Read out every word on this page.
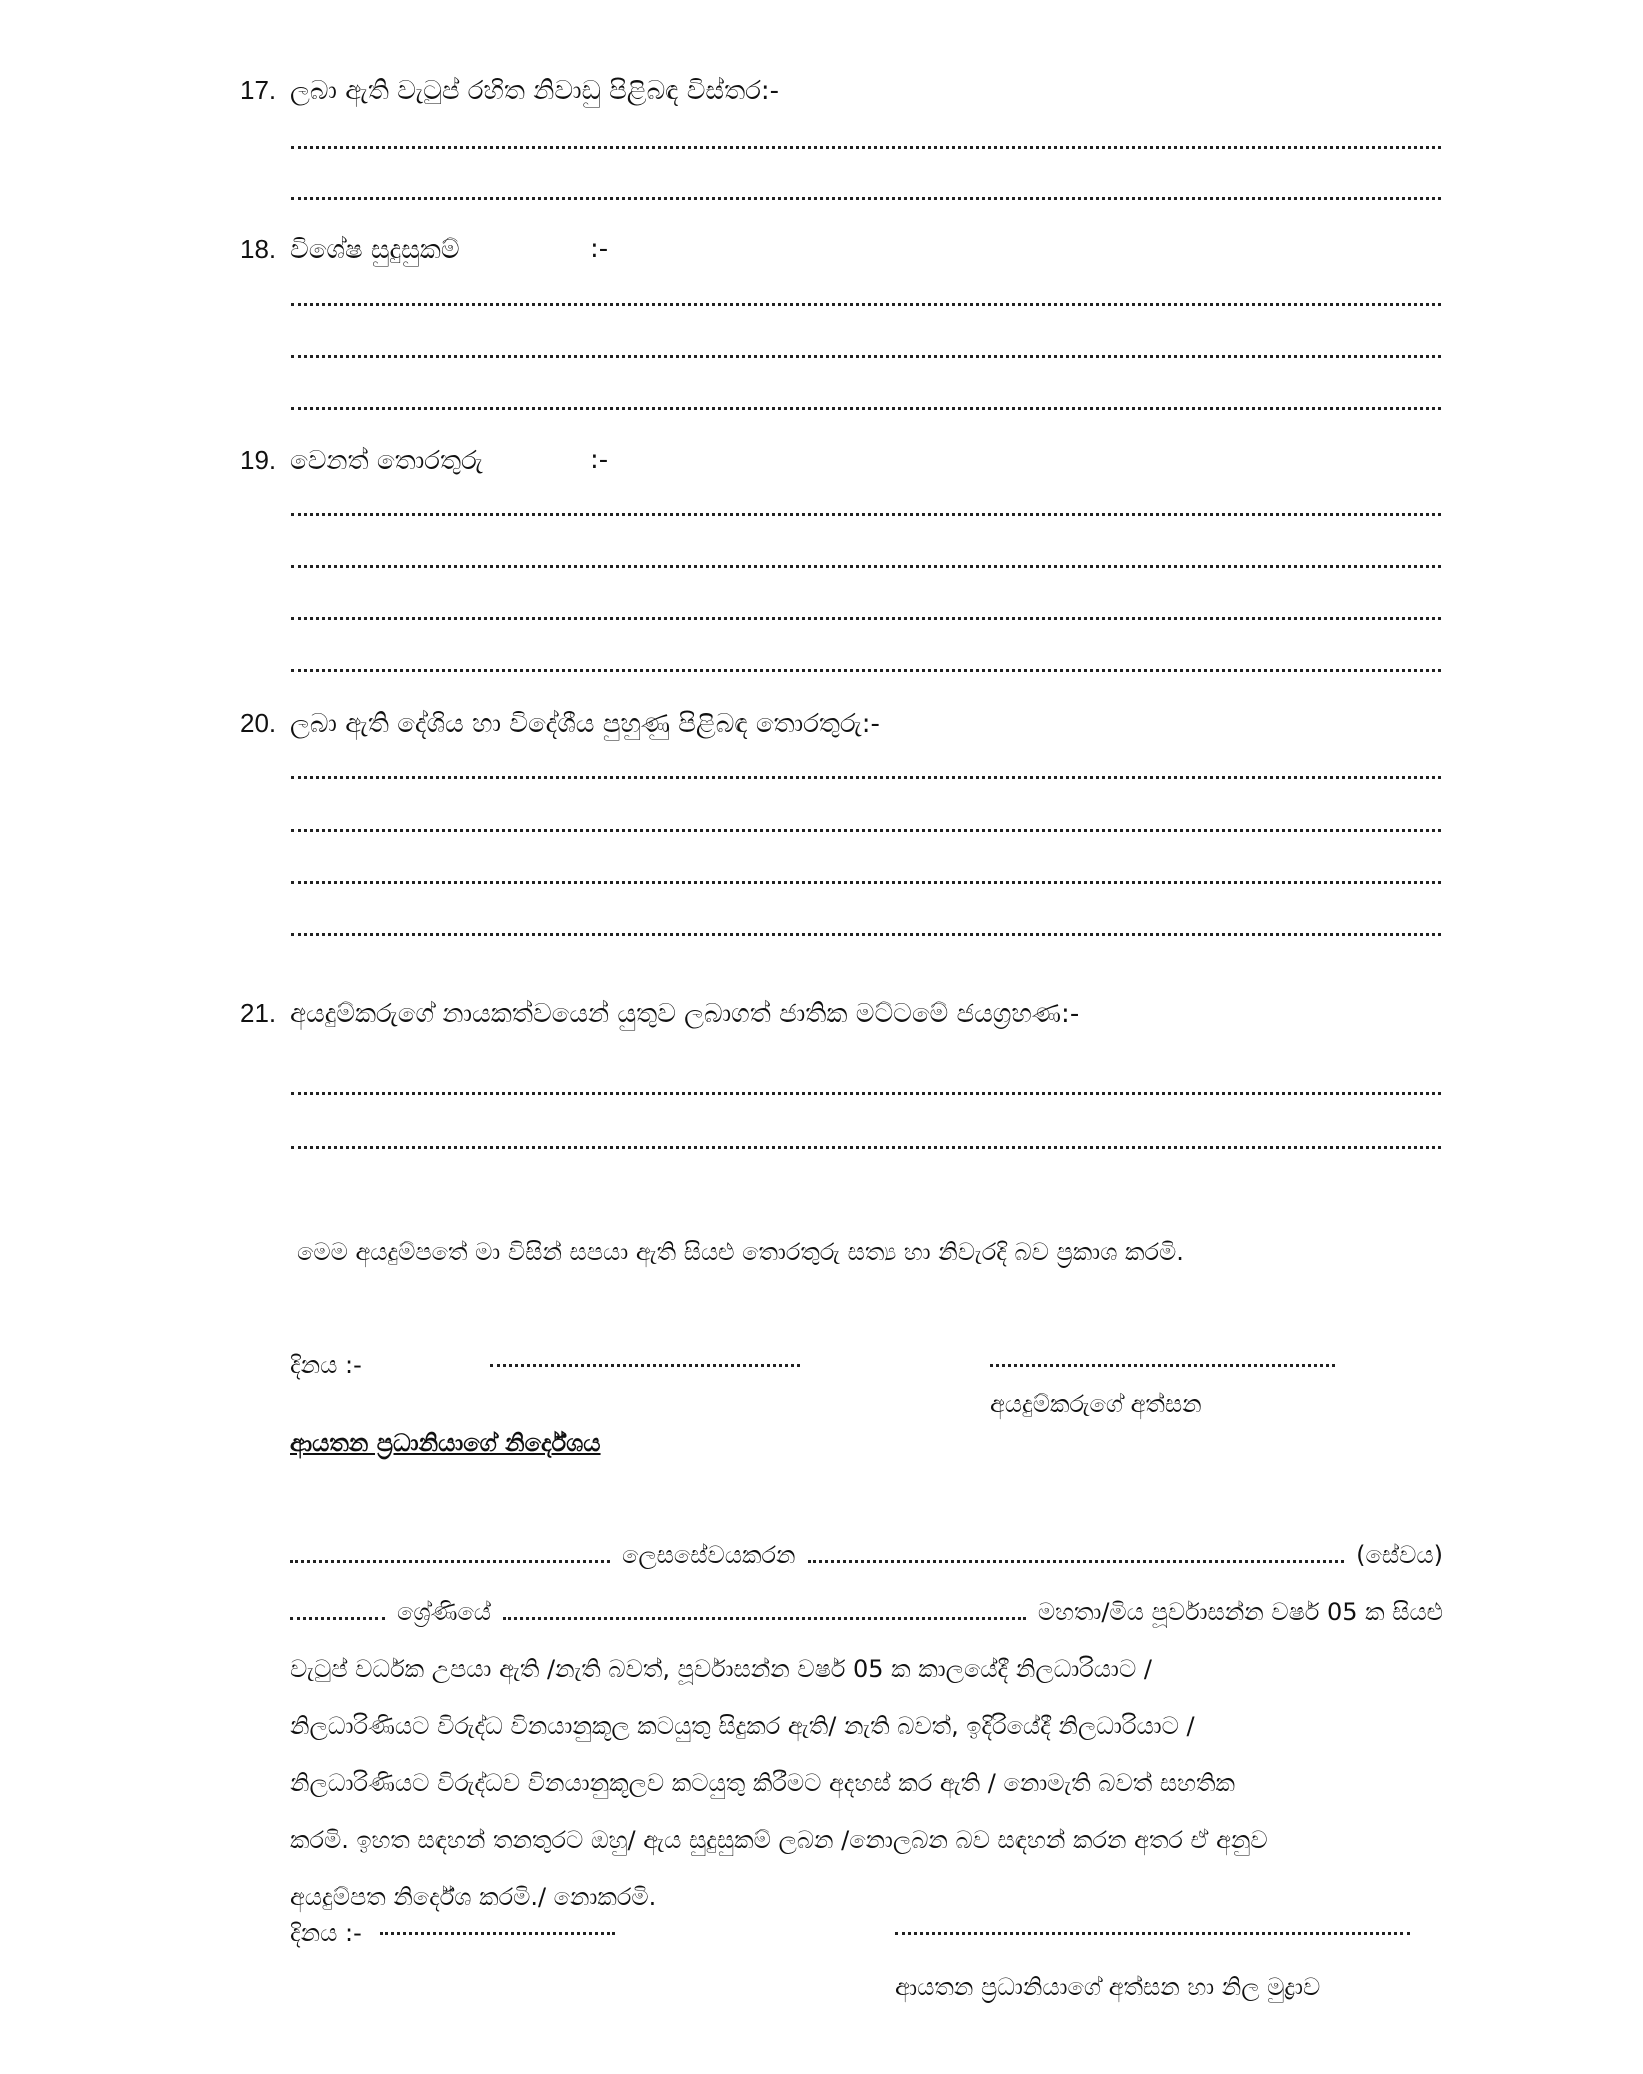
17. ලබා ඇති වැටුප් රහිත නිවාඩු පිළිබඳ විස්තර:-
18. විශේෂ සුදුසුකම්	:-
19. වෙනත් තොරතුරු	:-
20. ලබා ඇති දේශිය හා විදේශීය පුහුණු පිළිබඳ තොරතුරු:-
21. අයදුම්කරුගේ නායකත්වයෙන් යුතුව ලබාගත් ජාතික මට්ටමේ ජයග්‍රහණ:-
මෙම අයදුම්පතේ මා විසින් සපයා ඇති සියළු තොරතුරු සත්‍ය හා නිවැරදි බව ප්‍රකාශ කරමි.
දිනය :-
අයදුම්කරුගේ අත්සන
ආයතන ප්‍රධානියාගේ නිර්දේශය
ලෙස සේවය කරන	(සේවය)
ශ්‍රේණියේ	මහතා/මිය පූර්වාසන්න වර්ෂ 05 ක සියළු
වැටුප් වර්ධක උපයා ඇති /නැති බවත්, පූර්වාසන්න වර්ෂ 05 ක කාලයේදී නිලධාරියාට /
නිලධාරිණියට විරුද්ධ විනයානුකූල කටයුතු සිදුකර ඇති/ නැති බවත්, ඉදිරියේදී නිලධාරියාට /
නිලධාරිණියට විරුද්ධව විනයානුකූලව කටයුතු කිරීමට අදහස් කර ඇති / නොමැති බවත් සහතික
කරමි. ඉහත සඳහන් තනතුරට ඔහු/ ඇය සුදුසුකම් ලබන /නොලබන බව සඳහන් කරන අතර ඒ අනුව
අයදුම්පත නිර්දේශ කරමි./ නොකරමි.
දිනය :-
ආයතන ප්‍රධානියාගේ අත්සන හා නිල මුද්‍රාව
